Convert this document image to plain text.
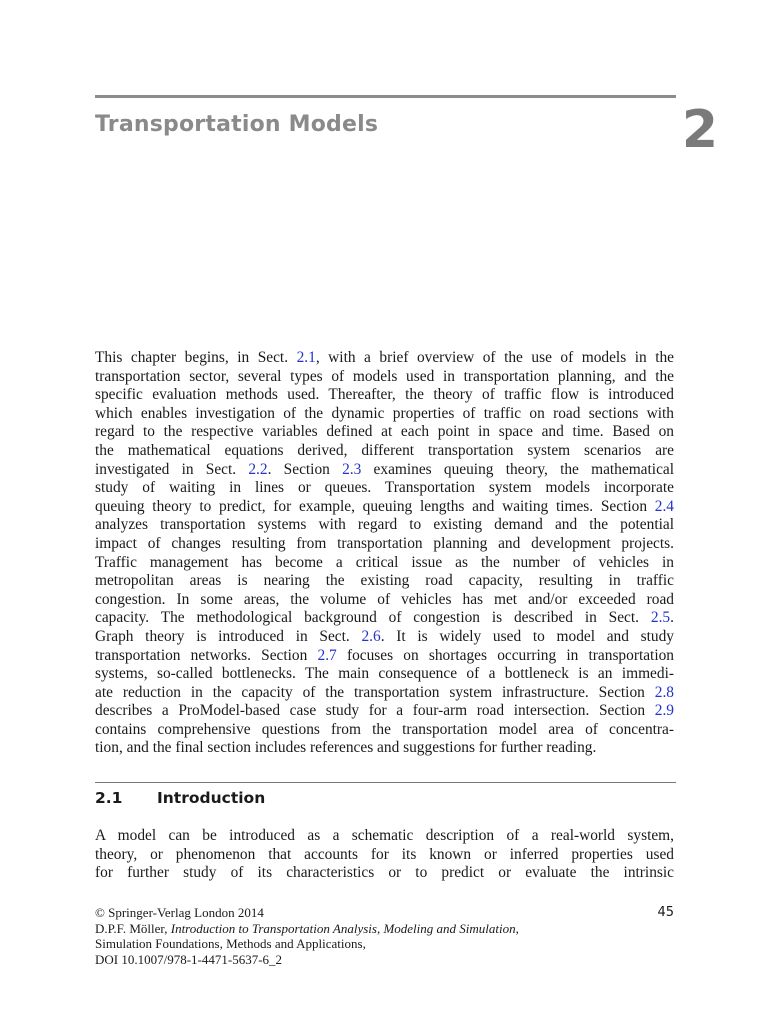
Transportation Models	2
This chapter begins, in Sect. 2.1, with a brief overview of the use of models in the
transportation sector, several types of models used in transportation planning, and the
specific evaluation methods used. Thereafter, the theory of traffic flow is introduced
which enables investigation of the dynamic properties of traffic on road sections with
regard to the respective variables defined at each point in space and time. Based on
the mathematical equations derived, different transportation system scenarios are
investigated in Sect. 2.2. Section 2.3 examines queuing theory, the mathematical
study of waiting in lines or queues. Transportation system models incorporate
queuing theory to predict, for example, queuing lengths and waiting times. Section 2.4
analyzes transportation systems with regard to existing demand and the potential
impact of changes resulting from transportation planning and development projects.
Traffic management has become a critical issue as the number of vehicles in
metropolitan areas is nearing the existing road capacity, resulting in traffic
congestion. In some areas, the volume of vehicles has met and/or exceeded road
capacity. The methodological background of congestion is described in Sect. 2.5.
Graph theory is introduced in Sect. 2.6. It is widely used to model and study
transportation networks. Section 2.7 focuses on shortages occurring in transportation
systems, so-called bottlenecks. The main consequence of a bottleneck is an immedi-
ate reduction in the capacity of the transportation system infrastructure. Section 2.8
describes a ProModel-based case study for a four-arm road intersection. Section 2.9
contains comprehensive questions from the transportation model area of concentra-
tion, and the final section includes references and suggestions for further reading.
2.1 Introduction
A model can be introduced as a schematic description of a real-world system,
theory, or phenomenon that accounts for its known or inferred properties used
for further study of its characteristics or to predict or evaluate the intrinsic
© Springer-Verlag London 2014	45
D.P.F. Möller, Introduction to Transportation Analysis, Modeling and Simulation,
Simulation Foundations, Methods and Applications,
DOI 10.1007/978-1-4471-5637-6_2
